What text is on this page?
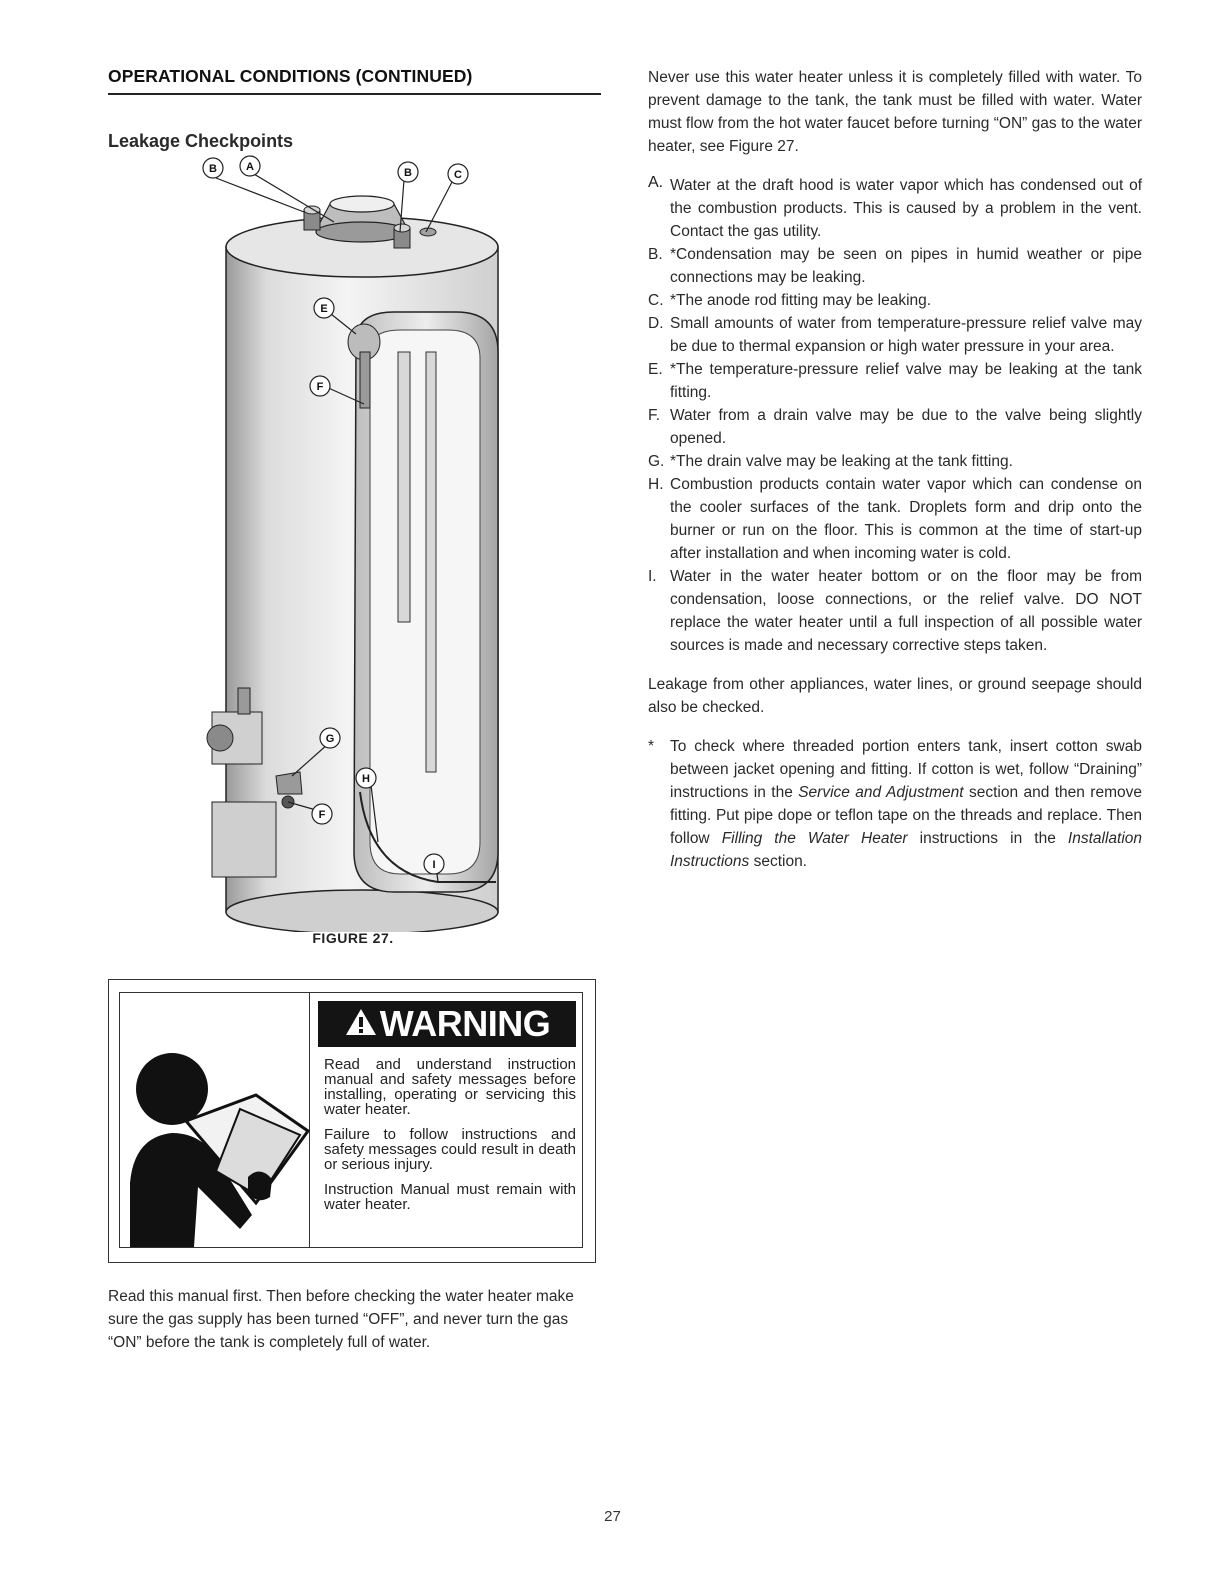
OPERATIONAL CONDITIONS (CONTINUED)
Leakage Checkpoints
B	A	B	C
E
F
G
F
H
I
FIGURE 27.
WARNING

Read and understand instruction manual and safety messages before installing, operating or servicing this water heater.

Failure to follow instructions and safety messages could result in death or serious injury.

Instruction Manual must remain with water heater.

Read this manual first. Then before checking the water heater make sure the gas supply has been turned “OFF”, and never turn the gas “ON” before the tank is completely full of water.

Never use this water heater unless it is completely filled with water. To prevent damage to the tank, the tank must be filled with water. Water must flow from the hot water faucet before turning “ON” gas to the water heater, see Figure 27.

A. Water at the draft hood is water vapor which has condensed out of the combustion products. This is caused by a problem in the vent. Contact the gas utility.
B. *Condensation may be seen on pipes in humid weather or pipe connections may be leaking.
C. *The anode rod fitting may be leaking.
D. Small amounts of water from temperature-pressure relief valve may be due to thermal expansion or high water pressure in your area.
E. *The temperature-pressure relief valve may be leaking at the tank fitting.
F. Water from a drain valve may be due to the valve being slightly opened.
G. *The drain valve may be leaking at the tank fitting.
H. Combustion products contain water vapor which can condense on the cooler surfaces of the tank. Droplets form and drip onto the burner or run on the floor. This is common at the time of start-up after installation and when incoming water is cold.
I. Water in the water heater bottom or on the floor may be from condensation, loose connections, or the relief valve. DO NOT replace the water heater until a full inspection of all possible water sources is made and necessary corrective steps taken.

Leakage from other appliances, water lines, or ground seepage should also be checked.

*	To check where threaded portion enters tank, insert cotton swab between jacket opening and fitting. If cotton is wet, follow “Draining” instructions in the Service and Adjustment section and then remove fitting. Put pipe dope or teflon tape on the threads and replace. Then follow Filling the Water Heater instructions in the Installation Instructions section.

27
